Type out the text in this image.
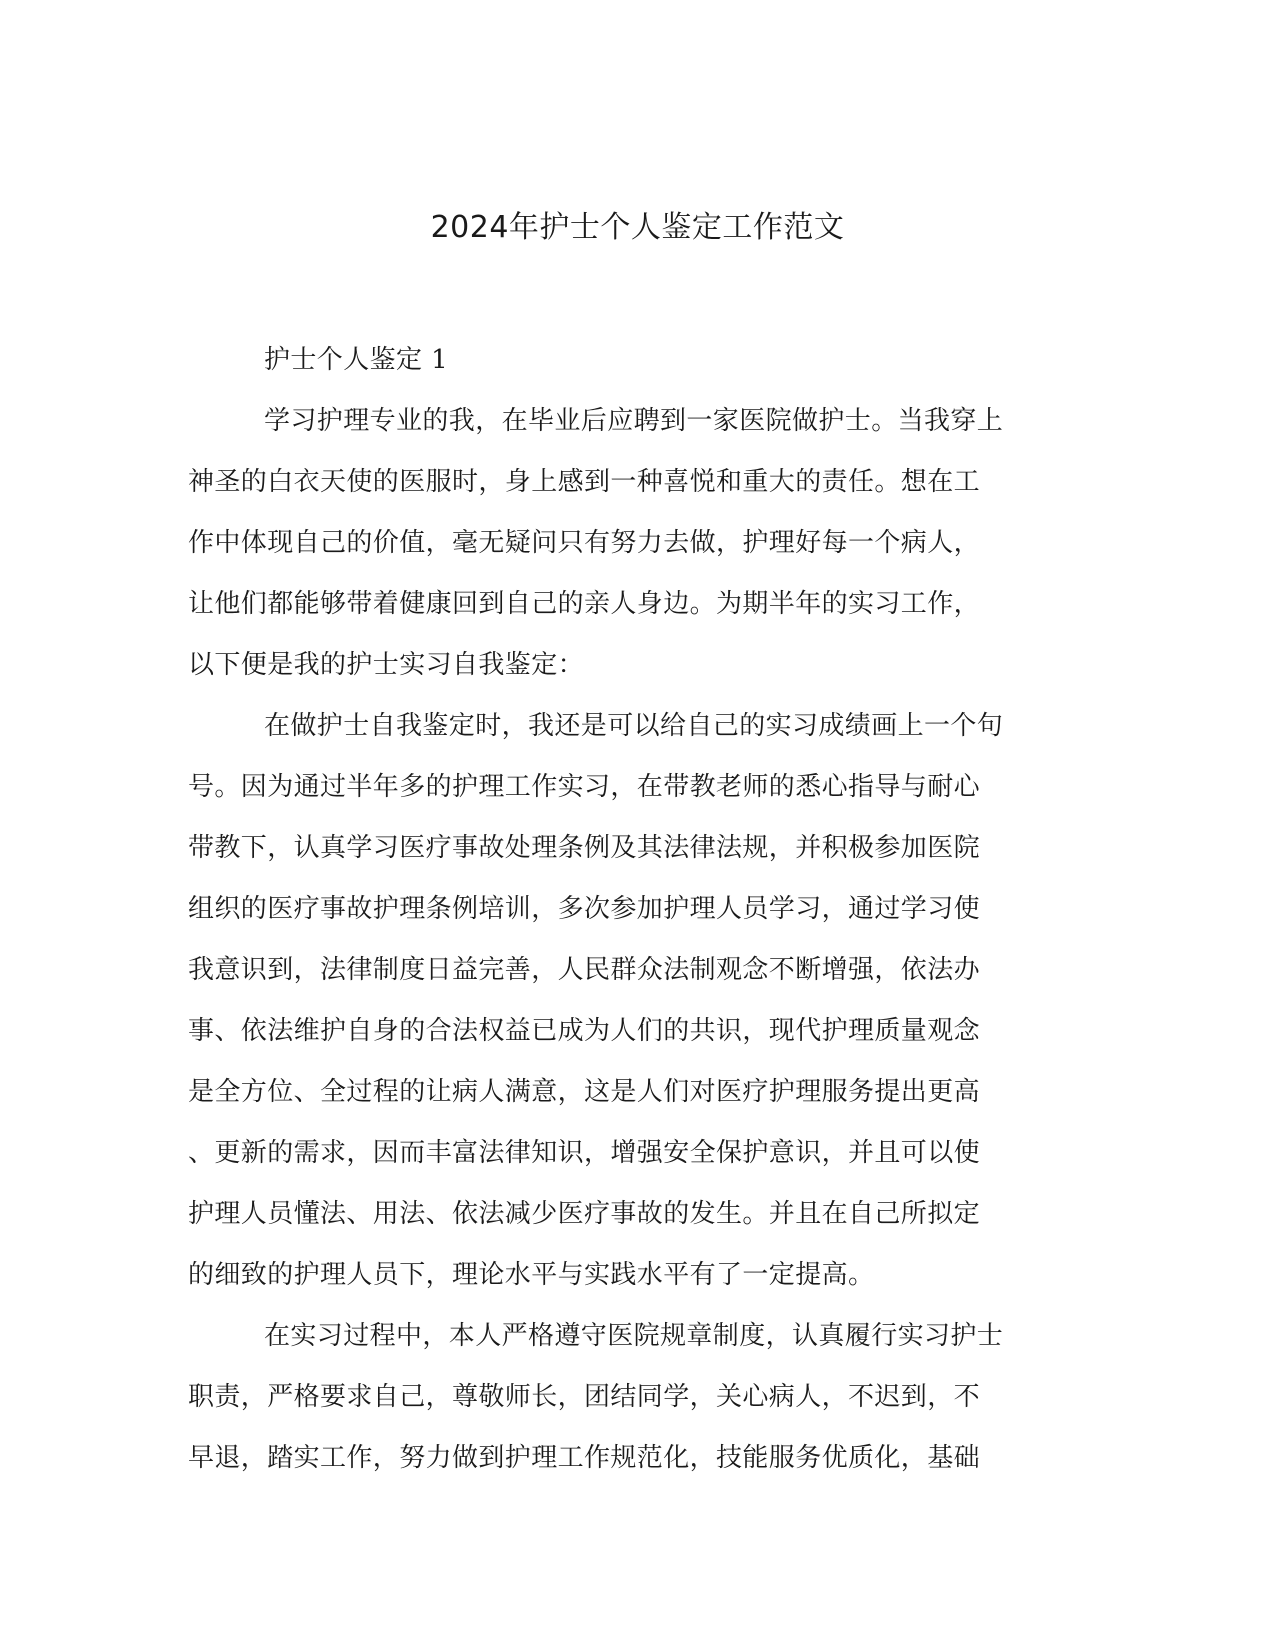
2024年护士个人鉴定工作范文
护士个人鉴定 1
学习护理专业的我，在毕业后应聘到一家医院做护士。当我穿上
神圣的白衣天使的医服时，身上感到一种喜悦和重大的责任。想在工
作中体现自己的价值，毫无疑问只有努力去做，护理好每一个病人，
让他们都能够带着健康回到自己的亲人身边。为期半年的实习工作，
以下便是我的护士实习自我鉴定：
在做护士自我鉴定时，我还是可以给自己的实习成绩画上一个句
号。因为通过半年多的护理工作实习，在带教老师的悉心指导与耐心
带教下，认真学习医疗事故处理条例及其法律法规，并积极参加医院
组织的医疗事故护理条例培训，多次参加护理人员学习，通过学习使
我意识到，法律制度日益完善，人民群众法制观念不断增强，依法办
事、依法维护自身的合法权益已成为人们的共识，现代护理质量观念
是全方位、全过程的让病人满意，这是人们对医疗护理服务提出更高
、更新的需求，因而丰富法律知识，增强安全保护意识，并且可以使
护理人员懂法、用法、依法减少医疗事故的发生。并且在自己所拟定
的细致的护理人员下，理论水平与实践水平有了一定提高。
在实习过程中，本人严格遵守医院规章制度，认真履行实习护士
职责，严格要求自己，尊敬师长，团结同学，关心病人，不迟到，不
早退，踏实工作，努力做到护理工作规范化，技能服务优质化，基础
